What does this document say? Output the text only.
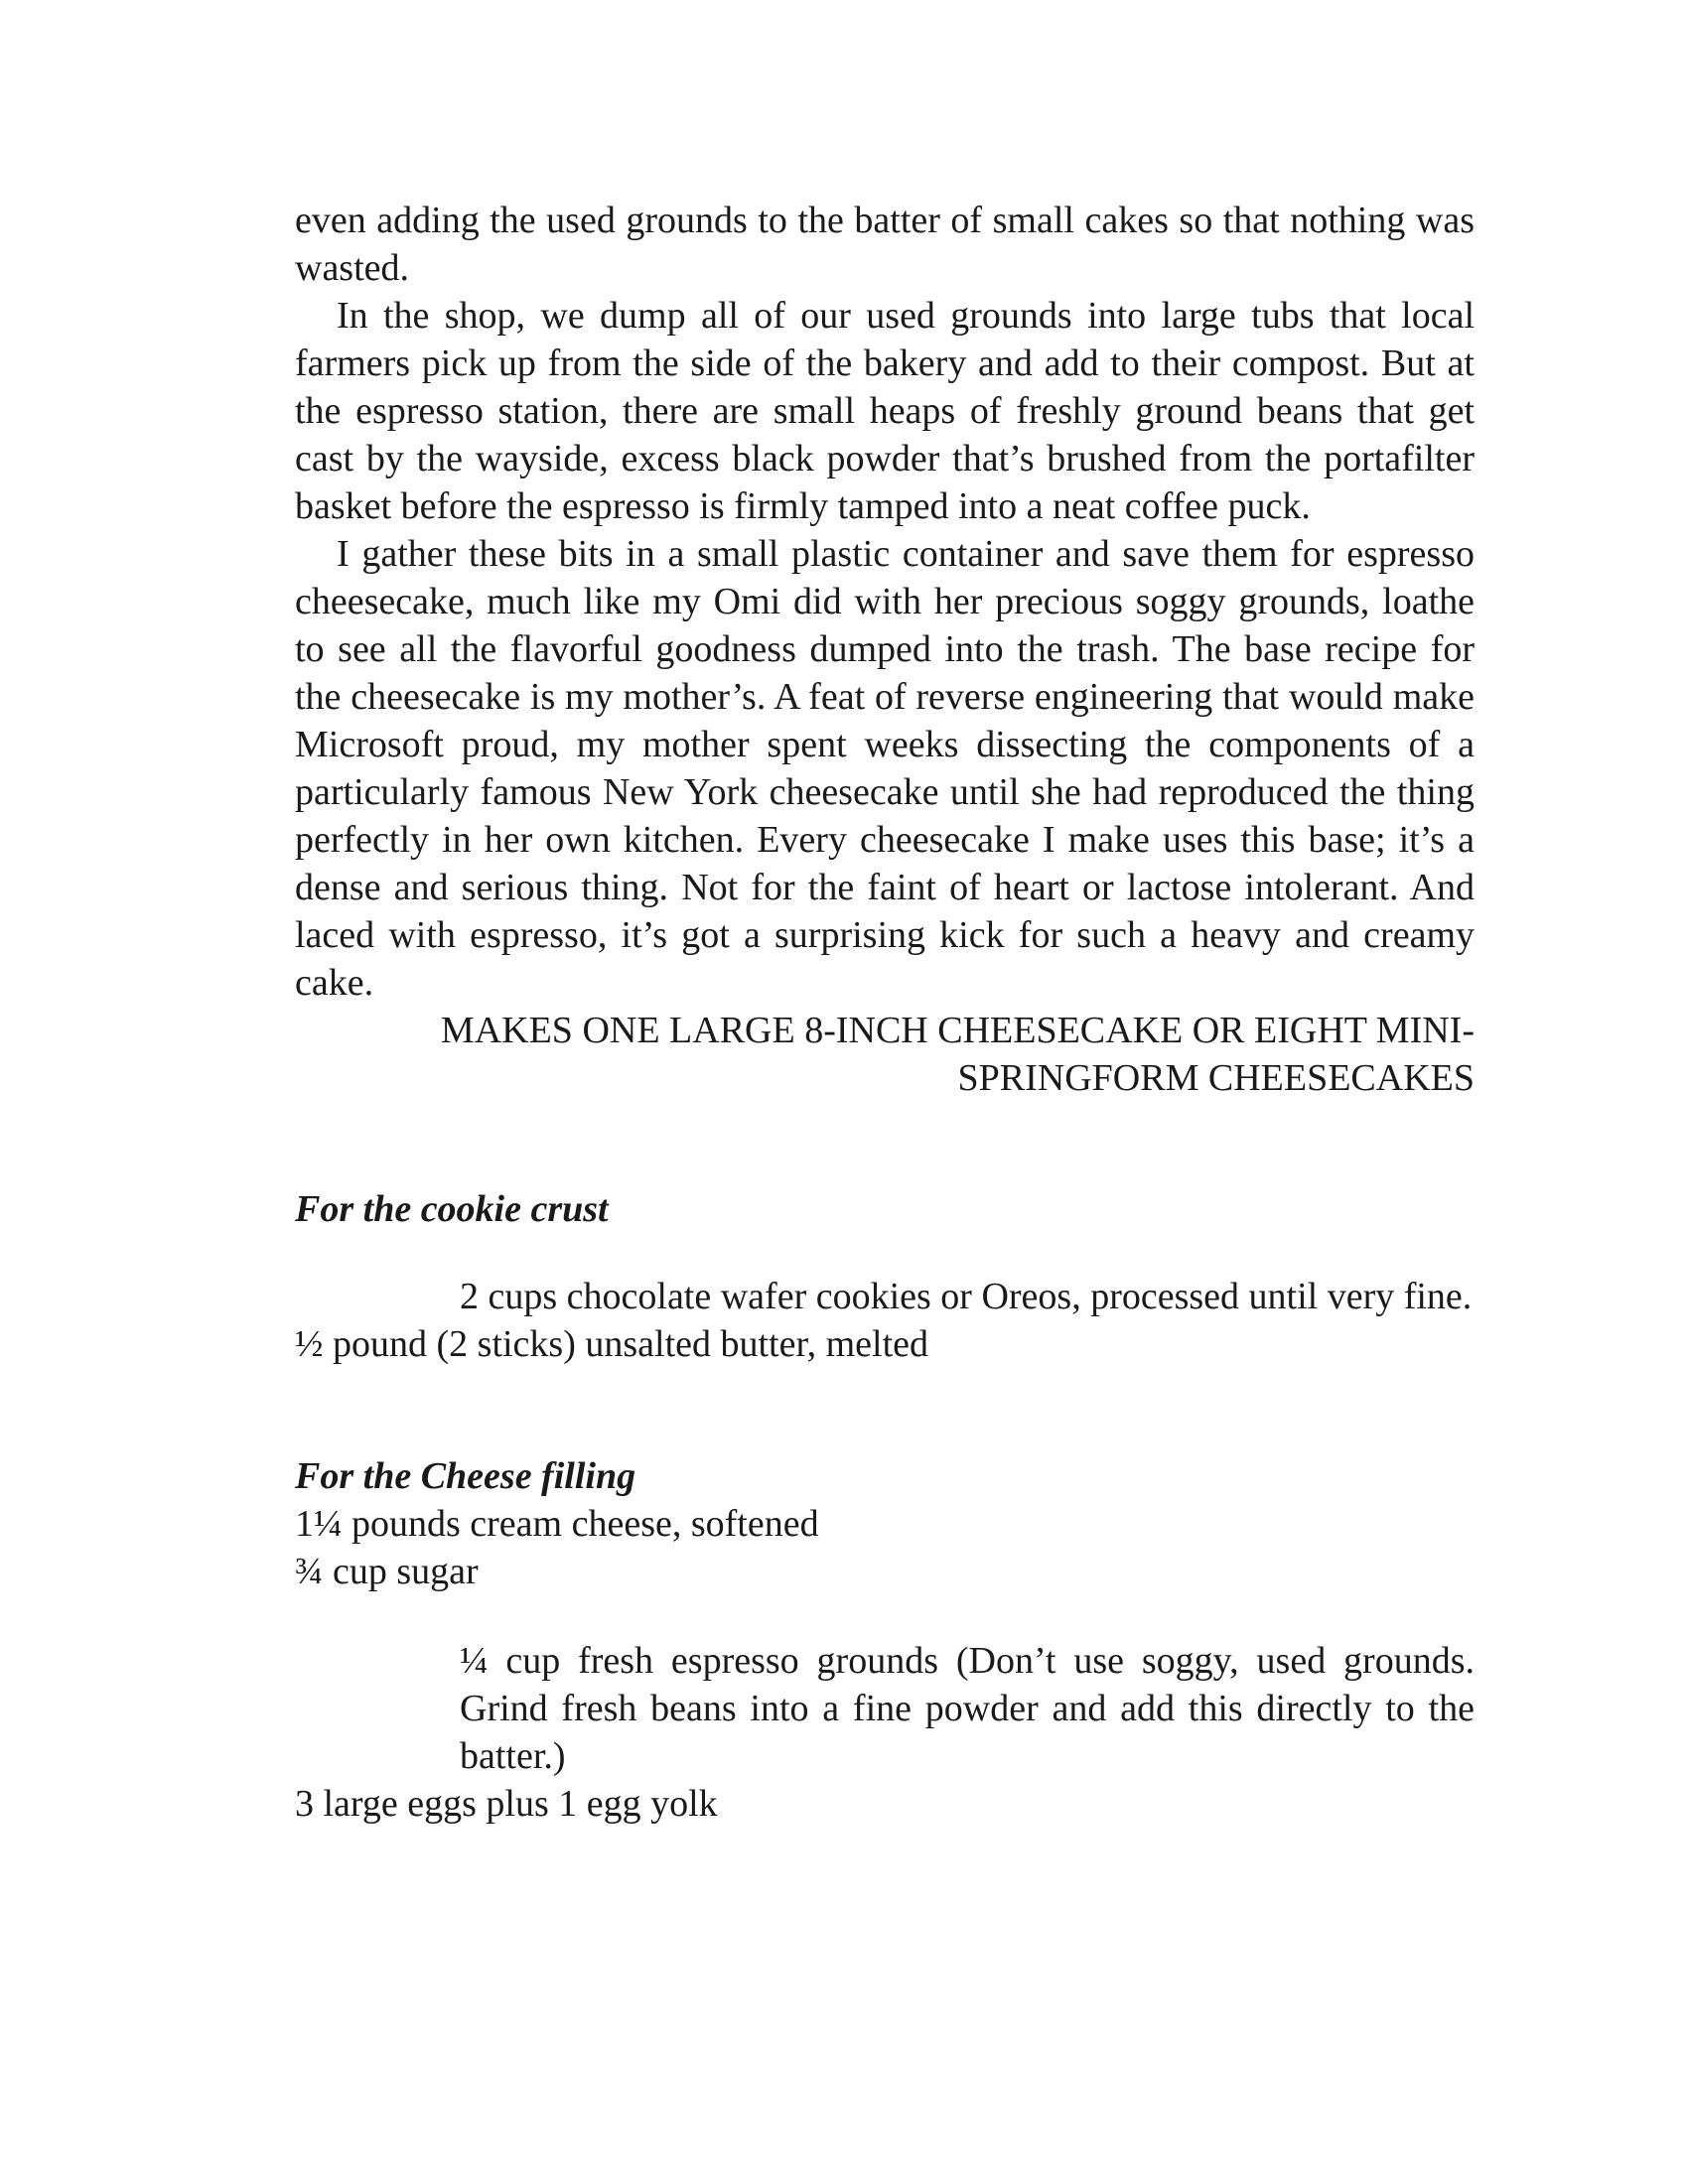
even adding the used grounds to the batter of small cakes so that nothing was wasted.

In the shop, we dump all of our used grounds into large tubs that local farmers pick up from the side of the bakery and add to their compost. But at the espresso station, there are small heaps of freshly ground beans that get cast by the wayside, excess black powder that’s brushed from the portafilter basket before the espresso is firmly tamped into a neat coffee puck.

I gather these bits in a small plastic container and save them for espresso cheesecake, much like my Omi did with her precious soggy grounds, loathe to see all the flavorful goodness dumped into the trash. The base recipe for the cheesecake is my mother’s. A feat of reverse engineering that would make Microsoft proud, my mother spent weeks dissecting the components of a particularly famous New York cheesecake until she had reproduced the thing perfectly in her own kitchen. Every cheesecake I make uses this base; it’s a dense and serious thing. Not for the faint of heart or lactose intolerant. And laced with espresso, it’s got a surprising kick for such a heavy and creamy cake.

MAKES ONE LARGE 8-INCH CHEESECAKE OR EIGHT MINI-SPRINGFORM CHEESECAKES

For the cookie crust

2 cups chocolate wafer cookies or Oreos, processed until very fine.

½ pound (2 sticks) unsalted butter, melted

For the Cheese filling

1¼ pounds cream cheese, softened

¾ cup sugar

¼ cup fresh espresso grounds (Don’t use soggy, used grounds. Grind fresh beans into a fine powder and add this directly to the batter.)

3 large eggs plus 1 egg yolk
